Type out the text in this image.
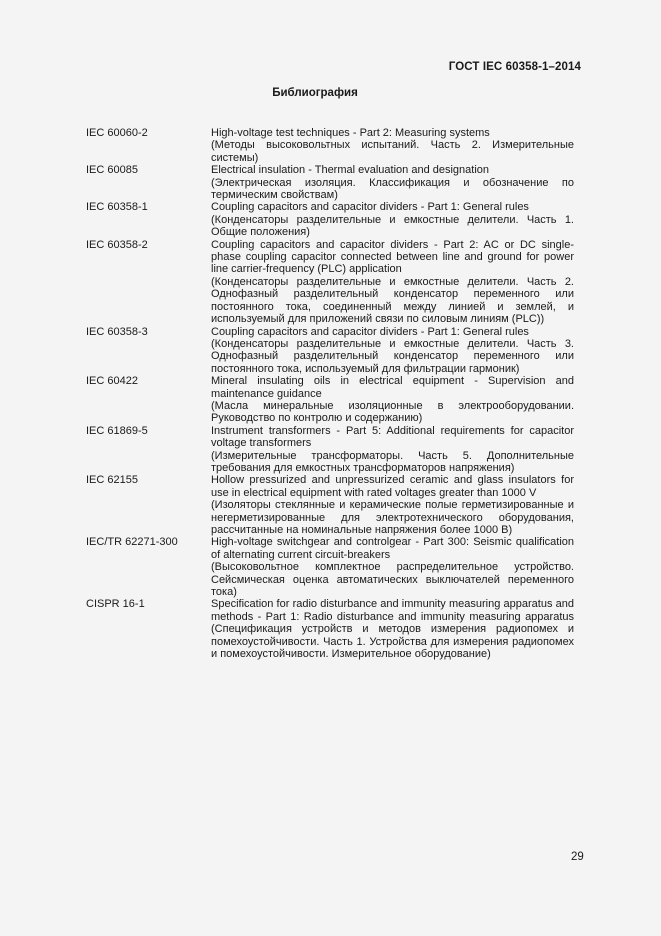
ГОСТ IEC 60358-1–2014
Библиография
IEC 60060-2	High-voltage test techniques - Part 2: Measuring systems

(Методы высоковольтных испытаний. Часть 2. Измерительные системы)

IEC 60085	Electrical insulation - Thermal evaluation and designation

(Электрическая изоляция. Классификация и обозначение по термическим свойствам)

IEC 60358-1	Coupling capacitors and capacitor dividers - Part 1: General rules

(Конденсаторы разделительные и емкостные делители. Часть 1. Общие положения)

IEC 60358-2	Coupling capacitors and capacitor dividers - Part 2: AC or DC single-phase coupling capacitor connected between line and ground for power line carrier-frequency (PLC) application

(Конденсаторы разделительные и емкостные делители. Часть 2. Однофазный разделительный конденсатор переменного или постоянного тока, соединенный между линией и землей, и используемый для приложений связи по силовым линиям (PLC))

IEC 60358-3	Coupling capacitors and capacitor dividers - Part 1: General rules

(Конденсаторы разделительные и емкостные делители. Часть 3. Однофазный разделительный конденсатор переменного или постоянного тока, используемый для фильтрации гармоник)

IEC 60422	Mineral insulating oils in electrical equipment - Supervision and maintenance guidance

(Масла минеральные изоляционные в электрооборудовании. Руководство по контролю и содержанию)

IEC 61869-5	Instrument transformers - Part 5: Additional requirements for capacitor voltage transformers

(Измерительные трансформаторы. Часть 5. Дополнительные требования для емкостных трансформаторов напряжения)

IEC 62155	Hollow pressurized and unpressurized ceramic and glass insulators for use in electrical equipment with rated voltages greater than 1000 V

(Изоляторы стеклянные и керамические полые герметизированные и негерметизированные для электротехнического оборудования, рассчитанные на номинальные напряжения более 1000 В)

IEC/TR 62271-300	High-voltage switchgear and controlgear - Part 300: Seismic qualification of alternating current circuit-breakers

(Высоковольтное комплектное распределительное устройство. Сейсмическая оценка автоматических выключателей переменного тока)

CISPR 16-1	Specification for radio disturbance and immunity measuring apparatus and methods - Part 1: Radio disturbance and immunity measuring apparatus (Спецификация устройств и методов измерения радиопомех и помехоустойчивости. Часть 1. Устройства для измерения радиопомех и помехоустойчивости. Измерительное оборудование)

29
